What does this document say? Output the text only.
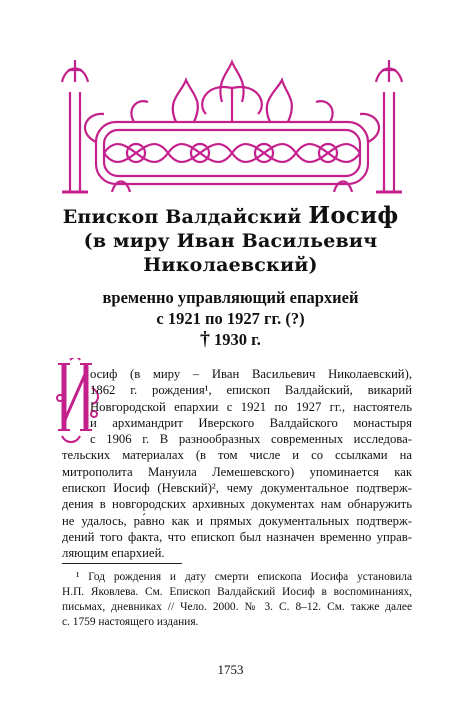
Епископ Валдайский Иосиф
(в миру Иван Васильевич
Николаевский)
временно управляющий епархией
с 1921 по 1927 гг. (?)
† 1930 г.
осиф (в миру – Иван Васильевич Николаевский),
1862 г. рождения¹, епископ Валдайский, викарий
Новгородской епархии с 1921 по 1927 гг., настоятель
и архимандрит Иверского Валдайского монастыря
с 1906 г. В разнообразных современных исследова-
тельских материалах (в том числе и со ссылками на
митрополита Мануила Лемешевского) упоминается как
епископ Иосиф (Невский)², чему документальное подтверж-
дения в новгородских архивных документах нам обнаружить
не удалось, ра́вно как и прямых документальных подтверж-
дений того факта, что епископ был назначен временно управ-
ляющим епархией.
¹ Год рождения и дату смерти епископа Иосифа установила
Н.П. Яковлева. См. Епископ Валдайский Иосиф в воспоминаниях,
письмах, дневниках // Чело. 2000. № 3. С. 8–12. См. также далее
с. 1759 настоящего издания.
1753
